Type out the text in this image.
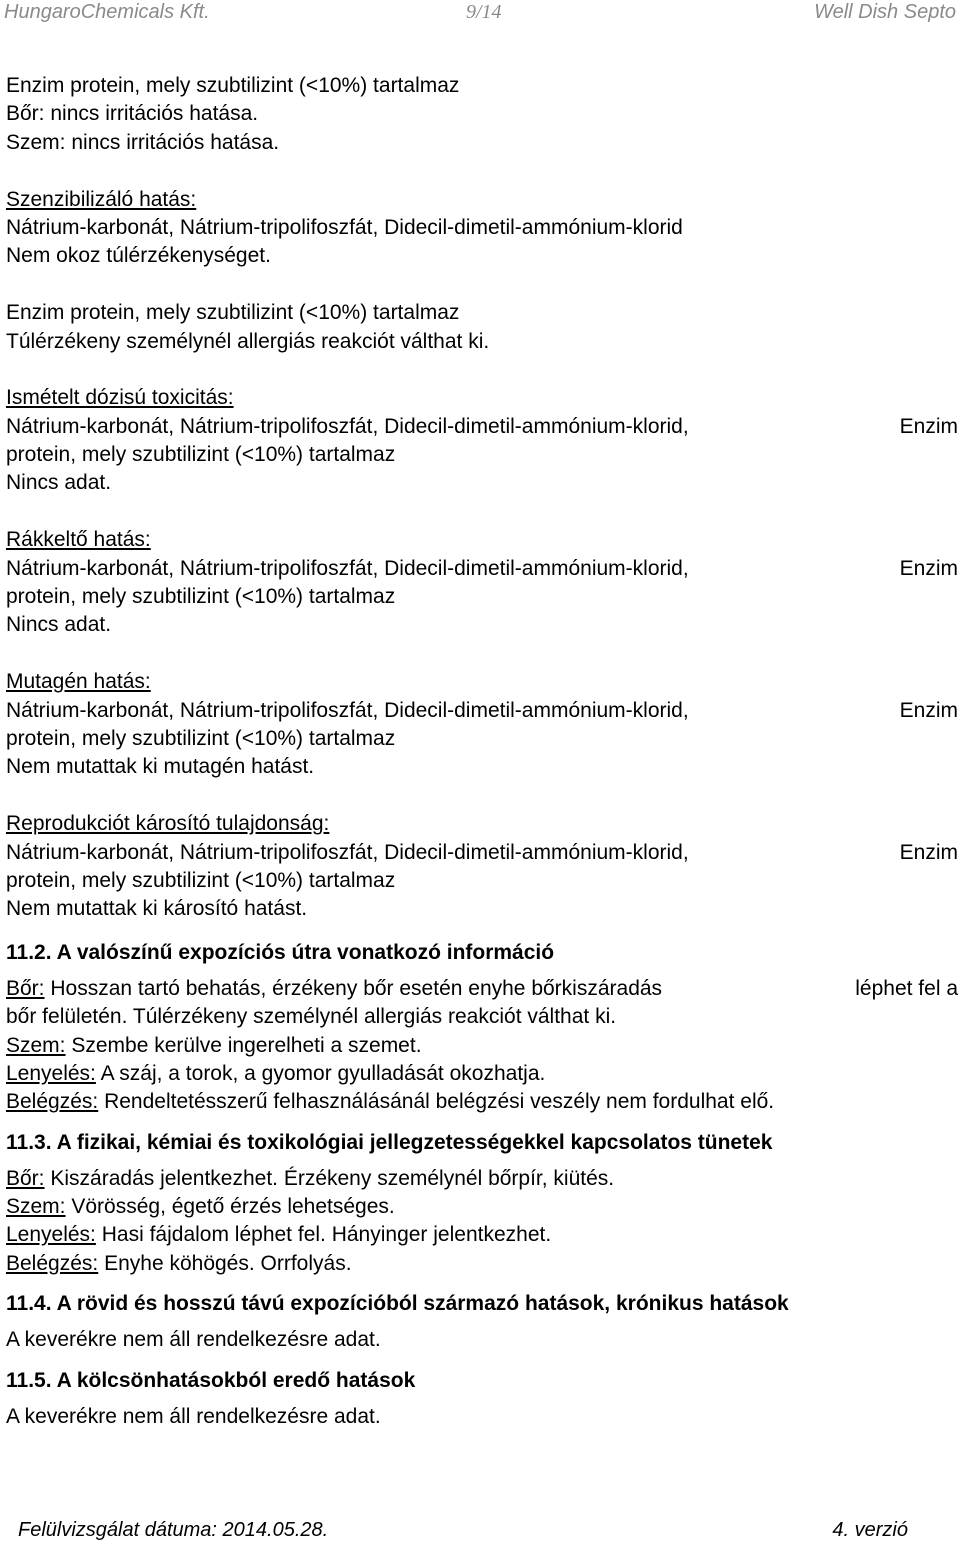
HungaroChemicals Kft.	9/14	Well Dish Septo
Enzim protein, mely szubtilizint (<10%) tartalmaz
Bőr: nincs irritációs hatása.
Szem: nincs irritációs hatása.
Szenzibilizáló hatás:
Nátrium-karbonát, Nátrium-tripolifoszfát, Didecil-dimetil-ammónium-klorid
Nem okoz túlérzékenységet.
Enzim protein, mely szubtilizint (<10%) tartalmaz
Túlérzékeny személynél allergiás reakciót válthat ki.
Ismételt dózisú toxicitás:
Nátrium-karbonát, Nátrium-tripolifoszfát, Didecil-dimetil-ammónium-klorid,	Enzim
protein, mely szubtilizint (<10%) tartalmaz
Nincs adat.
Rákkeltő hatás:
Nátrium-karbonát, Nátrium-tripolifoszfát, Didecil-dimetil-ammónium-klorid,	Enzim
protein, mely szubtilizint (<10%) tartalmaz
Nincs adat.
Mutagén hatás:
Nátrium-karbonát, Nátrium-tripolifoszfát, Didecil-dimetil-ammónium-klorid,	Enzim
protein, mely szubtilizint (<10%) tartalmaz
Nem mutattak ki mutagén hatást.
Reprodukciót károsító tulajdonság:
Nátrium-karbonát, Nátrium-tripolifoszfát, Didecil-dimetil-ammónium-klorid,	Enzim
protein, mely szubtilizint (<10%) tartalmaz
Nem mutattak ki károsító hatást.
11.2. A valószínű expozíciós útra vonatkozó információ
Bőr: Hosszan tartó behatás, érzékeny bőr esetén enyhe bőrkiszáradás	léphet fel a
bőr felületén. Túlérzékeny személynél allergiás reakciót válthat ki.
Szem: Szembe kerülve ingerelheti a szemet.
Lenyelés: A száj, a torok, a gyomor gyulladását okozhatja.
Belégzés: Rendeltetésszerű felhasználásánál belégzési veszély nem fordulhat elő.
11.3. A fizikai, kémiai és toxikológiai jellegzetességekkel kapcsolatos tünetek
Bőr: Kiszáradás jelentkezhet. Érzékeny személynél bőrpír, kiütés.
Szem: Vörösség, égető érzés lehetséges.
Lenyelés: Hasi fájdalom léphet fel. Hányinger jelentkezhet.
Belégzés: Enyhe köhögés. Orrfolyás.
11.4. A rövid és hosszú távú expozícióból származó hatások, krónikus hatások
A keverékre nem áll rendelkezésre adat.
11.5. A kölcsönhatásokból eredő hatások
A keverékre nem áll rendelkezésre adat.
Felülvizsgálat dátuma: 2014.05.28.	4. verzió
